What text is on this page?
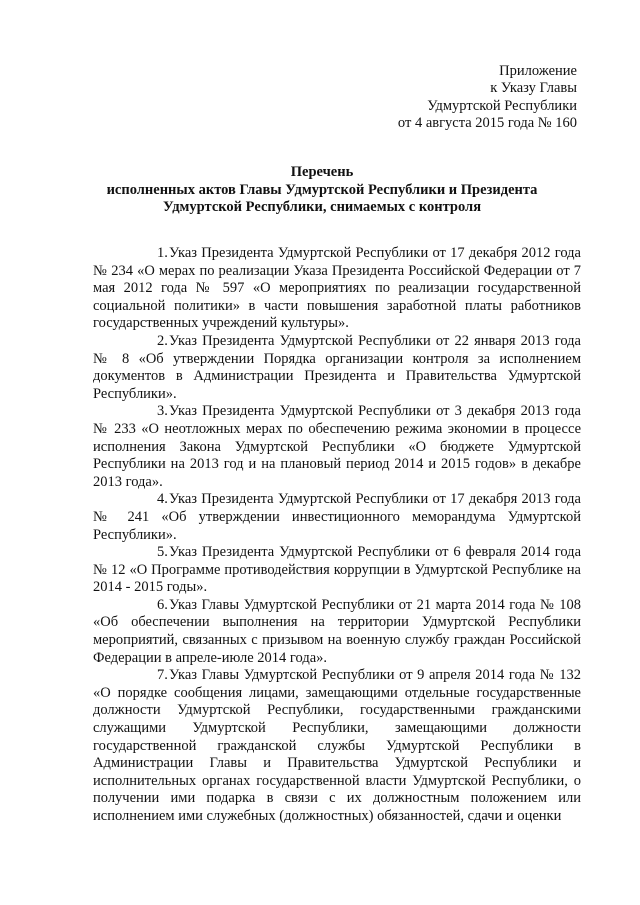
Приложение
к Указу Главы
Удмуртской Республики
от 4 августа 2015 года № 160
Перечень
исполненных актов Главы Удмуртской Республики и Президента
Удмуртской Республики, снимаемых с контроля

1.Указ Президента Удмуртской Республики от 17 декабря 2012 года № 234 «О мерах по реализации Указа Президента Российской Федерации от 7 мая 2012 года № 597 «О мероприятиях по реализации государственной социальной политики» в части повышения заработной платы работников государственных учреждений культуры».

2.Указ Президента Удмуртской Республики от 22 января 2013 года № 8 «Об утверждении Порядка организации контроля за исполнением документов в Администрации Президента и Правительства Удмуртской Республики».

3.Указ Президента Удмуртской Республики от 3 декабря 2013 года № 233 «О неотложных мерах по обеспечению режима экономии в процессе исполнения Закона Удмуртской Республики «О бюджете Удмуртской Республики на 2013 год и на плановый период 2014 и 2015 годов» в декабре 2013 года».

4.Указ Президента Удмуртской Республики от 17 декабря 2013 года № 241 «Об утверждении инвестиционного меморандума Удмуртской Республики».

5.Указ Президента Удмуртской Республики от 6 февраля 2014 года № 12 «О Программе противодействия коррупции в Удмуртской Республике на 2014 - 2015 годы».

6.Указ Главы Удмуртской Республики от 21 марта 2014 года № 108 «Об обеспечении выполнения на территории Удмуртской Республики мероприятий, связанных с призывом на военную службу граждан Российской Федерации в апреле-июле 2014 года».

7.Указ Главы Удмуртской Республики от 9 апреля 2014 года № 132 «О порядке сообщения лицами, замещающими отдельные государственные должности Удмуртской Республики, государственными гражданскими служащими Удмуртской Республики, замещающими должности государственной гражданской службы Удмуртской Республики в Администрации Главы и Правительства Удмуртской Республики и исполнительных органах государственной власти Удмуртской Республики, о получении ими подарка в связи с их должностным положением или исполнением ими служебных (должностных) обязанностей, сдачи и оценки
